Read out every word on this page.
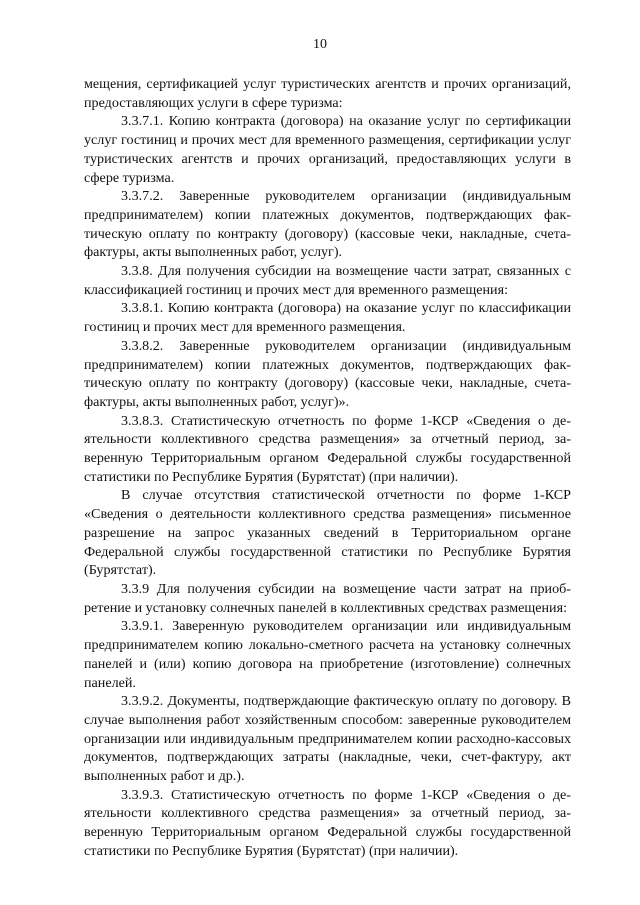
10

мещения, сертификацией услуг туристических агентств и прочих организаций, предоставляющих услуги в сфере туризма:

3.3.7.1. Копию контракта (договора) на оказание услуг по сертификации услуг гостиниц и прочих мест для временного размещения, сертификации услуг туристических агентств и прочих организаций, предоставляющих услуги в сфере туризма.

3.3.7.2. Заверенные руководителем организации (индивидуальным предпринимателем) копии платежных документов, подтверждающих фактическую оплату по контракту (договору) (кассовые чеки, накладные, счета-фактуры, акты выполненных работ, услуг).

3.3.8. Для получения субсидии на возмещение части затрат, связанных с классификацией гостиниц и прочих мест для временного размещения:

3.3.8.1. Копию контракта (договора) на оказание услуг по классификации гостиниц и прочих мест для временного размещения.

3.3.8.2. Заверенные руководителем организации (индивидуальным предпринимателем) копии платежных документов, подтверждающих фактическую оплату по контракту (договору) (кассовые чеки, накладные, счета-фактуры, акты выполненных работ, услуг)».

3.3.8.3. Статистическую отчетность по форме 1-КСР «Сведения о деятельности коллективного средства размещения» за отчетный период, заверенную Территориальным органом Федеральной службы государственной статистики по Республике Бурятия (Бурятстат) (при наличии).

В случае отсутствия статистической отчетности по форме 1-КСР «Сведения о деятельности коллективного средства размещения» письменное разрешение на запрос указанных сведений в Территориальном органе Федеральной службы государственной статистики по Республике Бурятия (Бурятстат).

3.3.9 Для получения субсидии на возмещение части затрат на приобретение и установку солнечных панелей в коллективных средствах размещения:

3.3.9.1. Заверенную руководителем организации или индивидуальным предпринимателем копию локально-сметного расчета на установку солнечных панелей и (или) копию договора на приобретение (изготовление) солнечных панелей.

3.3.9.2. Документы, подтверждающие фактическую оплату по договору. В случае выполнения работ хозяйственным способом: заверенные руководителем организации или индивидуальным предпринимателем копии расходно-кассовых документов, подтверждающих затраты (накладные, чеки, счет-фактуру, акт выполненных работ и др.).

3.3.9.3. Статистическую отчетность по форме 1-КСР «Сведения о деятельности коллективного средства размещения» за отчетный период, заверенную Территориальным органом Федеральной службы государственной статистики по Республике Бурятия (Бурятстат) (при наличии).
